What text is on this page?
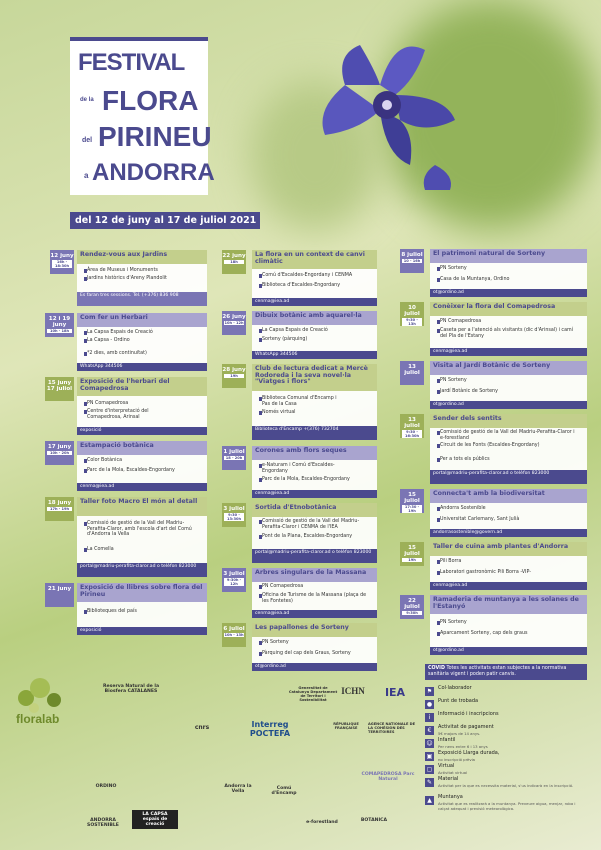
FESTIVAL
de la FLORA
del PIRINEU
a ANDORRA
del 12 de juny al 17 de juliol 2021
12 juny
16h - 18:30h
Rendez-vous aux Jardins
Àrea de Museus i Monuments
Jardins històrics d'Areny Plandolit
Es faran tres sessions. Tel. (+376) 836 908
12 i 19 juny
10h - 18h
Com fer un Herbari
La Capsa Espais de Creació
La Capsa - Ordino
*2 dies, amb continuïtat)
WhatsApp 344506
15 juny 17 juliol
Exposició de l'herbari del Comapedrosa
PN Comapedrosa
Centre d'interpretació del Comapedrosa, Arinsal
exposició
17 juny
10h - 20h
Estampació botànica
Color Botànica
Parc de la Mola, Escaldes-Engordany
cenma@iea.ad
18 juny
17h - 19h
Taller foto Macro El món al detall
Comissió de gestió de la Vall del Madriu-Perafita-Claror, amb l'escola d'art del Comú d'Andorra la Vella
La Comella
portal@madriu-perafita-claror.ad o telèfon 823000
21 juny	Exposició de llibres sobre flora del Pirineu
Biblioteques del país
exposició
22 juny
18h
La flora en un context de canvi climàtic
Comú d'Escaldes-Engordany i CENMA
Biblioteca d'Escaldes-Engordany
cenma@iea.ad
26 juny
10h - 12h
Dibuix botànic amb aquarel·la
La Capsa Espais de Creació
Sorteny (pàrquing)
WhatsApp 344506
28 juny
19h
Club de lectura dedicat a Mercè Rodoreda i la seva novel·la "Viatges i flors"
Biblioteca Comunal d'Encamp i Pas de la Casa
Només virtual
Biblioteca d'Encamp +(376) 732704
1 juliol
18 - 20h
Corones amb flors seques
e-Naturam i Comú d'Escaldes-Engordany
Parc de la Mola, Escaldes-Engordany
cenma@iea.ad
3 juliol
9:30 - 13:30h
Sortida d'Etnobotànica
Comissió de gestió de la Vall del Madriu-Perafita-Claror i CENMA de l'IEA
Pont de la Plana, Escaldes-Engordany
portal@madriu-perafita-claror.ad o telèfon 823000
3 juliol
9:30h - 12h
Arbres singulars de la Massana
PN Comapedrosa
Oficina de Turisme de la Massana (plaça de les Fontetes)
cenma@iea.ad
6 juliol
10h - 13h
Les papallones de Sorteny
PN Sorteny
Pàrquing del cap dels Graus, Sorteny
ot@ordino.ad
8 juliol
10 - 16h
El patrimoni natural de Sorteny
PN Sorteny
Casa de la Muntanya, Ordino
ot@ordino.ad
10 juliol
9:30 - 13h
Conèixer la flora del Comapedrosa
PN Comapedrosa
Caseta per a l'atenció als visitants (dic d'Arinsal) i camí del Pla de l'Estany
cenma@iea.ad
13 juliol
Visita al Jardí Botànic de Sorteny
PN Sorteny
Jardí Botànic de Sorteny
ot@ordino.ad
13 juliol
9:30 - 16:30h
Sender dels sentits
Comissió de gestió de la Vall del Madriu-Perafita-Claror i e-forestland
Circuit de les Fonts (Escaldes-Engordany)
Per a tots els públics
portal@madriu-perafita-claror.ad o telèfon 823000
15 juliol
17:30 - 19h
Connecta't amb la biodiversitat
Andorra Sostenible
Universitat Carlemany, Sant Julià
andorrasostenible@govern.ad
15 juliol
19h
Taller de cuina amb plantes d'Andorra
Pili Borra
Laboratori gastronòmic Pili Borra -VIP-
cenma@iea.ad
22 juliol
9:30h
Ramaderia de muntanya a les solanes de l'Estanyó
PN Sorteny
Aparcament Sorteny, cap dels graus
ot@ordino.ad
COVID Totes les activitats estan subjectes a la normativa sanitària vigent i poden patir canvis.
⚑	Col·laborador
●	Punt de trobada
i	Informació i inscripcions
€	Activitat de pagament
5€ majors de 14 anys.
☺ Infantil
Per nens entre 6 i 13 anys
▣	Exposició Llarga durada,
no inscripció prèvia
▢	Virtual
Activitat virtual
✎	Material
Activitat per la que es necessita material, s'us indicarà en la inscripció.
▲	Muntanya
Activitat que es realitzarà a la muntanya. Preveure aigua, menjar, roba i calçat adequat i previsió meteorològica.
floralab
Reserva Natural de la Biosfera CATALANES
Generalitat de Catalunya Departament de Territori i Sostenibilitat
ICHN	IEA
cnrs	Interreg POCTEFA
RÉPUBLIQUE FRANÇAISE
AGENCE NATIONALE DE LA COHÉSION DES TERRITOIRES
ORDINO	Andorra la Vella
Comú d'Encamp
COMAPEDROSA Parc Natural
ANDORRA SOSTENIBLE
LA CAPSA espais de creació	e-forestland	BOTANICA
